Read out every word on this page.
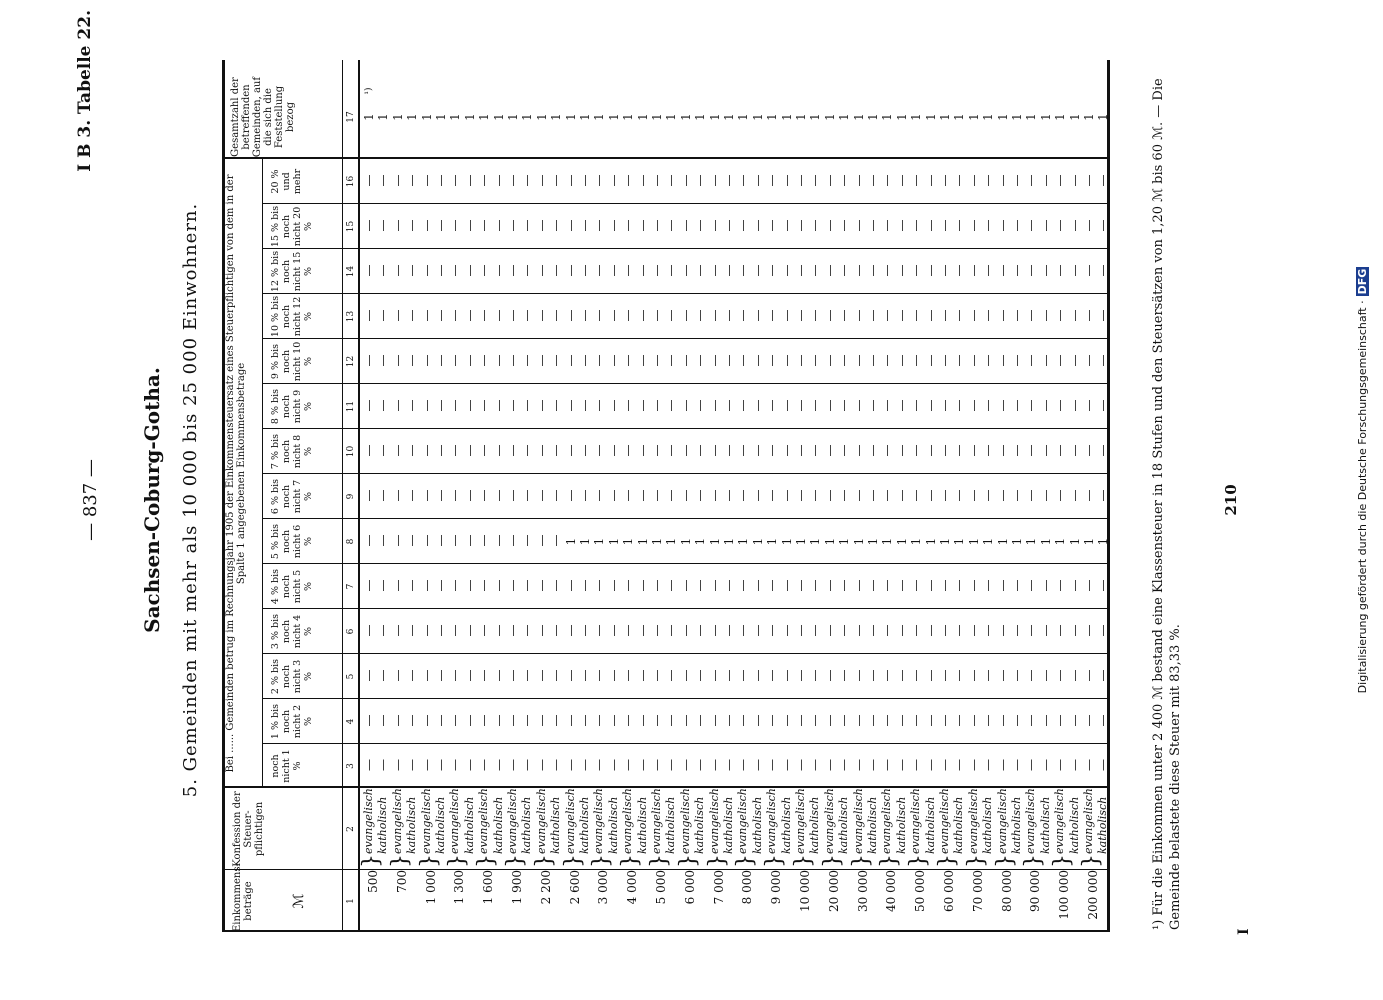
— 837 —
I B 3. Tabelle 22.
Sachsen-Coburg-Gotha. 5. Gemeinden mit mehr als 10 000 bis 25 000 Einwohnern.
Einkommens-beträge	ℳ
Konfession der Steuer-pflichtigen
Bei ...... Gemeinden betrug im Rechnungsjahr 1905 der Einkommensteuersatz eines Steuerpflichtigen von dem in der Spalte 1 angegebenen Einkommensbetrage
noch nicht 1 %
1 % bis noch nicht 2 %
2 % bis noch nicht 3 %
3 % bis noch nicht 4 %
4 % bis noch nicht 5 %
5 % bis noch nicht 6 %
6 % bis noch nicht 7 %
7 % bis noch nicht 8 %
8 % bis noch nicht 9 %
9 % bis noch nicht 10 %
10 % bis noch nicht 12 %
12 % bis noch nicht 15 %
15 % bis noch nicht 20 %
20 % und mehr
Gesamtzahl der betreffenden Gemeinden, auf die sich die Feststellung bezog
1
2
3
4
5
6
7
8
9
10
11
12
13
14
15
16
17
¹)
500
}
evangelisch
—
—
—
—
—
—
—
—
—
—
—
—
—
—
1
katholisch
—
—
—
—
—
—
—
—
—
—
—
—
—
—
1
700
}
evangelisch
—
—
—
—
—
—
—
—
—
—
—
—
—
—
1
katholisch
—
—
—
—
—
—
—
—
—
—
—
—
—
—
1
1 000
}
evangelisch
—
—
—
—
—
—
—
—
—
—
—
—
—
—
1
katholisch
—
—
—
—
—
—
—
—
—
—
—
—
—
—
1
1 300
}
evangelisch
—
—
—
—
—
—
—
—
—
—
—
—
—
—
1
katholisch
—
—
—
—
—
—
—
—
—
—
—
—
—
—
1
1 600
}
evangelisch
—
—
—
—
—
—
—
—
—
—
—
—
—
—
1
katholisch
—
—
—
—
—
—
—
—
—
—
—
—
—
—
1
1 900
}
evangelisch
—
—
—
—
—
—
—
—
—
—
—
—
—
—
1
katholisch
—
—
—
—
—
—
—
—
—
—
—
—
—
—
1
2 200
}
evangelisch
—
—
—
—
—
—
—
—
—
—
—
—
—
—
1
katholisch
—
—
—
—
—
—
—
—
—
—
—
—
—
—
1
2 600
}
evangelisch
—
—
—
—
—
1
—
—
—
—
—
—
—
—
1
katholisch
—
—
—
—
—
1
—
—
—
—
—
—
—
—
1
3 000
}
evangelisch
—
—
—
—
—
1
—
—
—
—
—
—
—
—
1
katholisch
—
—
—
—
—
1
—
—
—
—
—
—
—
—
1
4 000
}
evangelisch
—
—
—
—
—
1
—
—
—
—
—
—
—
—
1
katholisch
—
—
—
—
—
1
—
—
—
—
—
—
—
—
1
5 000
}
evangelisch
—
—
—
—
—
1
—
—
—
—
—
—
—
—
1
katholisch
—
—
—
—
—
1
—
—
—
—
—
—
—
—
1
6 000
}
evangelisch
—
—
—
—
—
1
—
—
—
—
—
—
—
—
1
katholisch
—
—
—
—
—
1
—
—
—
—
—
—
—
—
1
7 000
}
evangelisch
—
—
—
—
—
1
—
—
—
—
—
—
—
—
1
katholisch
—
—
—
—
—
1
—
—
—
—
—
—
—
—
1
8 000
}
evangelisch
—
—
—
—
—
1
—
—
—
—
—
—
—
—
1
katholisch
—
—
—
—
—
1
—
—
—
—
—
—
—
—
1
9 000
}
evangelisch
—
—
—
—
—
1
—
—
—
—
—
—
—
—
1
katholisch
—
—
—
—
—
1
—
—
—
—
—
—
—
—
1
10 000
}
evangelisch
—
—
—
—
—
1
—
—
—
—
—
—
—
—
1
katholisch
—
—
—
—
—
1
—
—
—
—
—
—
—
—
1
20 000
}
evangelisch
—
—
—
—
—
1
—
—
—
—
—
—
—
—
1
katholisch
—
—
—
—
—
1
—
—
—
—
—
—
—
—
1
30 000
}
evangelisch
—
—
—
—
—
1
—
—
—
—
—
—
—
—
1
katholisch
—
—
—
—
—
1
—
—
—
—
—
—
—
—
1
40 000
}
evangelisch
—
—
—
—
—
1
—
—
—
—
—
—
—
—
1
katholisch
—
—
—
—
—
1
—
—
—
—
—
—
—
—
1
50 000
}
evangelisch
—
—
—
—
—
1
—
—
—
—
—
—
—
—
1
katholisch
—
—
—
—
—
1
—
—
—
—
—
—
—
—
1
60 000
}
evangelisch
—
—
—
—
—
1
—
—
—
—
—
—
—
—
1
katholisch
—
—
—
—
—
1
—
—
—
—
—
—
—
—
1
70 000
}
evangelisch
—
—
—
—
—
1
—
—
—
—
—
—
—
—
1
katholisch
—
—
—
—
—
1
—
—
—
—
—
—
—
—
1
80 000
}
evangelisch
—
—
—
—
—
1
—
—
—
—
—
—
—
—
1
katholisch
—
—
—
—
—
1
—
—
—
—
—
—
—
—
1
90 000
}
evangelisch
—
—
—
—
—
1
—
—
—
—
—
—
—
—
1
katholisch
—
—
—
—
—
1
—
—
—
—
—
—
—
—
1
100 000
}
evangelisch
—
—
—
—
—
1
—
—
—
—
—
—
—
—
1
katholisch
—
—
—
—
—
1
—
—
—
—
—
—
—
—
1
200 000
}
evangelisch
—
—
—
—
—
1
—
—
—
—
—
—
—
—
1
katholisch
—
—
—
—
—
1
—
—
—
—
—
—
—
—
1	¹) Für die Einkommen unter 2 400 ℳ bestand eine Klassensteuer in 18 Stufen und den Steuersätzen von 1,20 ℳ bis 60 ℳ. — Die Gemeinde belastete diese Steuer mit 83,33 %.
210
I
Digitalisierung gefördert durch die Deutsche Forschungsgemeinschaft ·DFG
